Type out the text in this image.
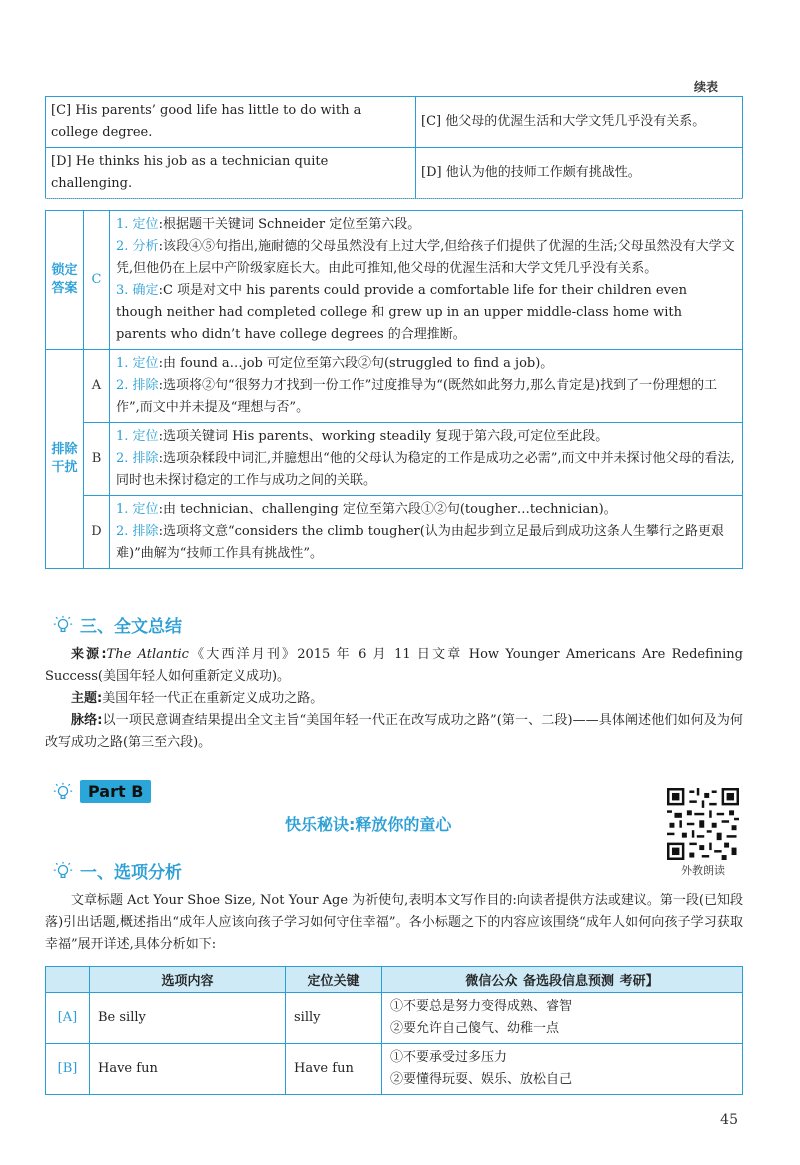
续表
[C] His parents’ good life has little to do with a college degree.	[C] 他父母的优渥生活和大学文凭几乎没有关系。
[D] He thinks his job as a technician quite challenging.	[D] 他认为他的技师工作颇有挑战性。
锁定答案	C	1. 定位:根据题干关键词 Schneider 定位至第六段。
2. 分析:该段④⑤句指出,施耐德的父母虽然没有上过大学,但给孩子们提供了优渥的生活;父母虽然没有大学文凭,但他仍在上层中产阶级家庭长大。由此可推知,他父母的优渥生活和大学文凭几乎没有关系。
3. 确定:C 项是对文中 his parents could provide a comfortable life for their children even though neither had completed college 和 grew up in an upper middle-class home with parents who didn’t have college degrees 的合理推断。

排除干扰	A	1. 定位:由 found a…job 可定位至第六段②句(struggled to find a job)。
2. 排除:选项将②句“很努力才找到一份工作”过度推导为“(既然如此努力,那么肯定是)找到了一份理想的工作”,而文中并未提及“理想与否”。

	B	1. 定位:选项关键词 His parents、working steadily 复现于第六段,可定位至此段。
2. 排除:选项杂糅段中词汇,并臆想出“他的父母认为稳定的工作是成功之必需”,而文中并未探讨他父母的看法,同时也未探讨稳定的工作与成功之间的关联。

	D	1. 定位:由 technician、challenging 定位至第六段①②句(tougher…technician)。
2. 排除:选项将文意“considers the climb tougher(认为由起步到立足最后到成功这条人生攀行之路更艰难)”曲解为“技师工作具有挑战性”。
三、全文总结
来源:The Atlantic《大西洋月刊》2015 年 6 月 11 日文章 How Younger Americans Are Redefining Success(美国年轻人如何重新定义成功)。
主题:美国年轻一代正在重新定义成功之路。
脉络:以一项民意调查结果提出全文主旨“美国年轻一代正在改写成功之路”(第一、二段)——具体阐述他们如何及为何改写成功之路(第三至六段)。
Part B
快乐秘诀:释放你的童心
外教朗读
一、选项分析
文章标题 Act Your Shoe Size, Not Your Age 为祈使句,表明本文写作目的:向读者提供方法或建议。第一段(已知段落)引出话题,概述指出“成年人应该向孩子学习如何守住幸福”。各小标题之下的内容应该围绕“成年人如何向孩子学习获取幸福”展开详述,具体分析如下:
	选项内容	定位关键	微信公众 备选段信息预测 考研】
[A]	Be silly	silly	①不要总是努力变得成熟、睿智
②要允许自己傻气、幼稚一点

[B]	Have fun	Have fun	①不要承受过多压力
②要懂得玩耍、娱乐、放松自己
45
